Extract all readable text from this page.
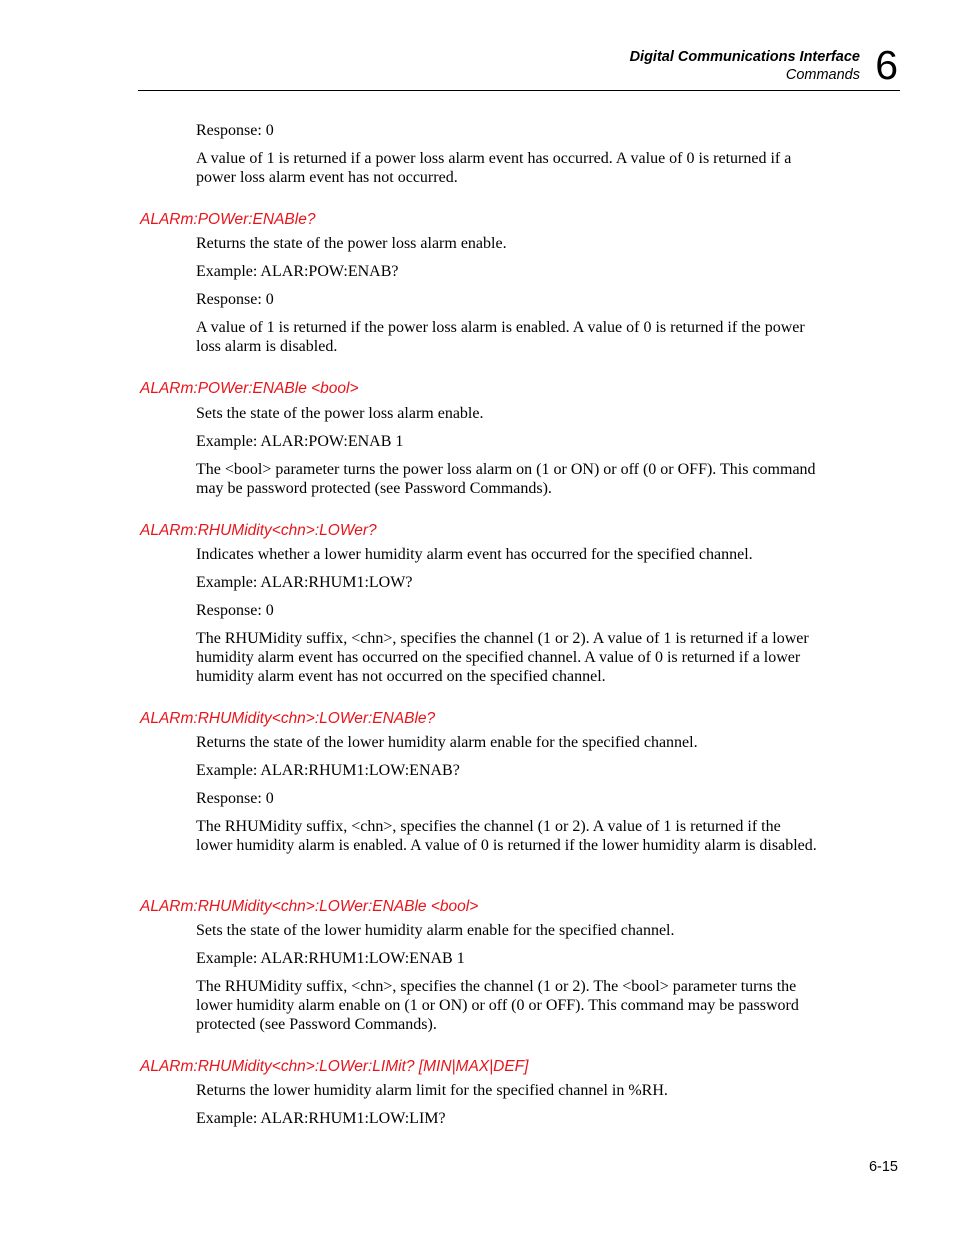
Digital Communications Interface
Commands 6

Response: 0

A value of 1 is returned if a power loss alarm event has occurred. A value of 0 is returned if a power loss alarm event has not occurred.

ALARm:POWer:ENABle?

Returns the state of the power loss alarm enable.

Example: ALAR:POW:ENAB?

Response: 0

A value of 1 is returned if the power loss alarm is enabled. A value of 0 is returned if the power loss alarm is disabled.

ALARm:POWer:ENABle <bool>

Sets the state of the power loss alarm enable.

Example: ALAR:POW:ENAB 1

The <bool> parameter turns the power loss alarm on (1 or ON) or off (0 or OFF). This command may be password protected (see Password Commands).

ALARm:RHUMidity<chn>:LOWer?

Indicates whether a lower humidity alarm event has occurred for the specified channel.

Example: ALAR:RHUM1:LOW?

Response: 0

The RHUMidity suffix, <chn>, specifies the channel (1 or 2). A value of 1 is returned if a lower humidity alarm event has occurred on the specified channel. A value of 0 is returned if a lower humidity alarm event has not occurred on the specified channel.

ALARm:RHUMidity<chn>:LOWer:ENABle?

Returns the state of the lower humidity alarm enable for the specified channel.

Example: ALAR:RHUM1:LOW:ENAB?

Response: 0

The RHUMidity suffix, <chn>, specifies the channel (1 or 2). A value of 1 is returned if the lower humidity alarm is enabled. A value of 0 is returned if the lower humidity alarm is disabled.

ALARm:RHUMidity<chn>:LOWer:ENABle <bool>

Sets the state of the lower humidity alarm enable for the specified channel.

Example: ALAR:RHUM1:LOW:ENAB 1

The RHUMidity suffix, <chn>, specifies the channel (1 or 2). The <bool> parameter turns the lower humidity alarm enable on (1 or ON) or off (0 or OFF). This command may be password protected (see Password Commands).

ALARm:RHUMidity<chn>:LOWer:LIMit? [MIN|MAX|DEF]

Returns the lower humidity alarm limit for the specified channel in %RH.

Example: ALAR:RHUM1:LOW:LIM?

6-15
